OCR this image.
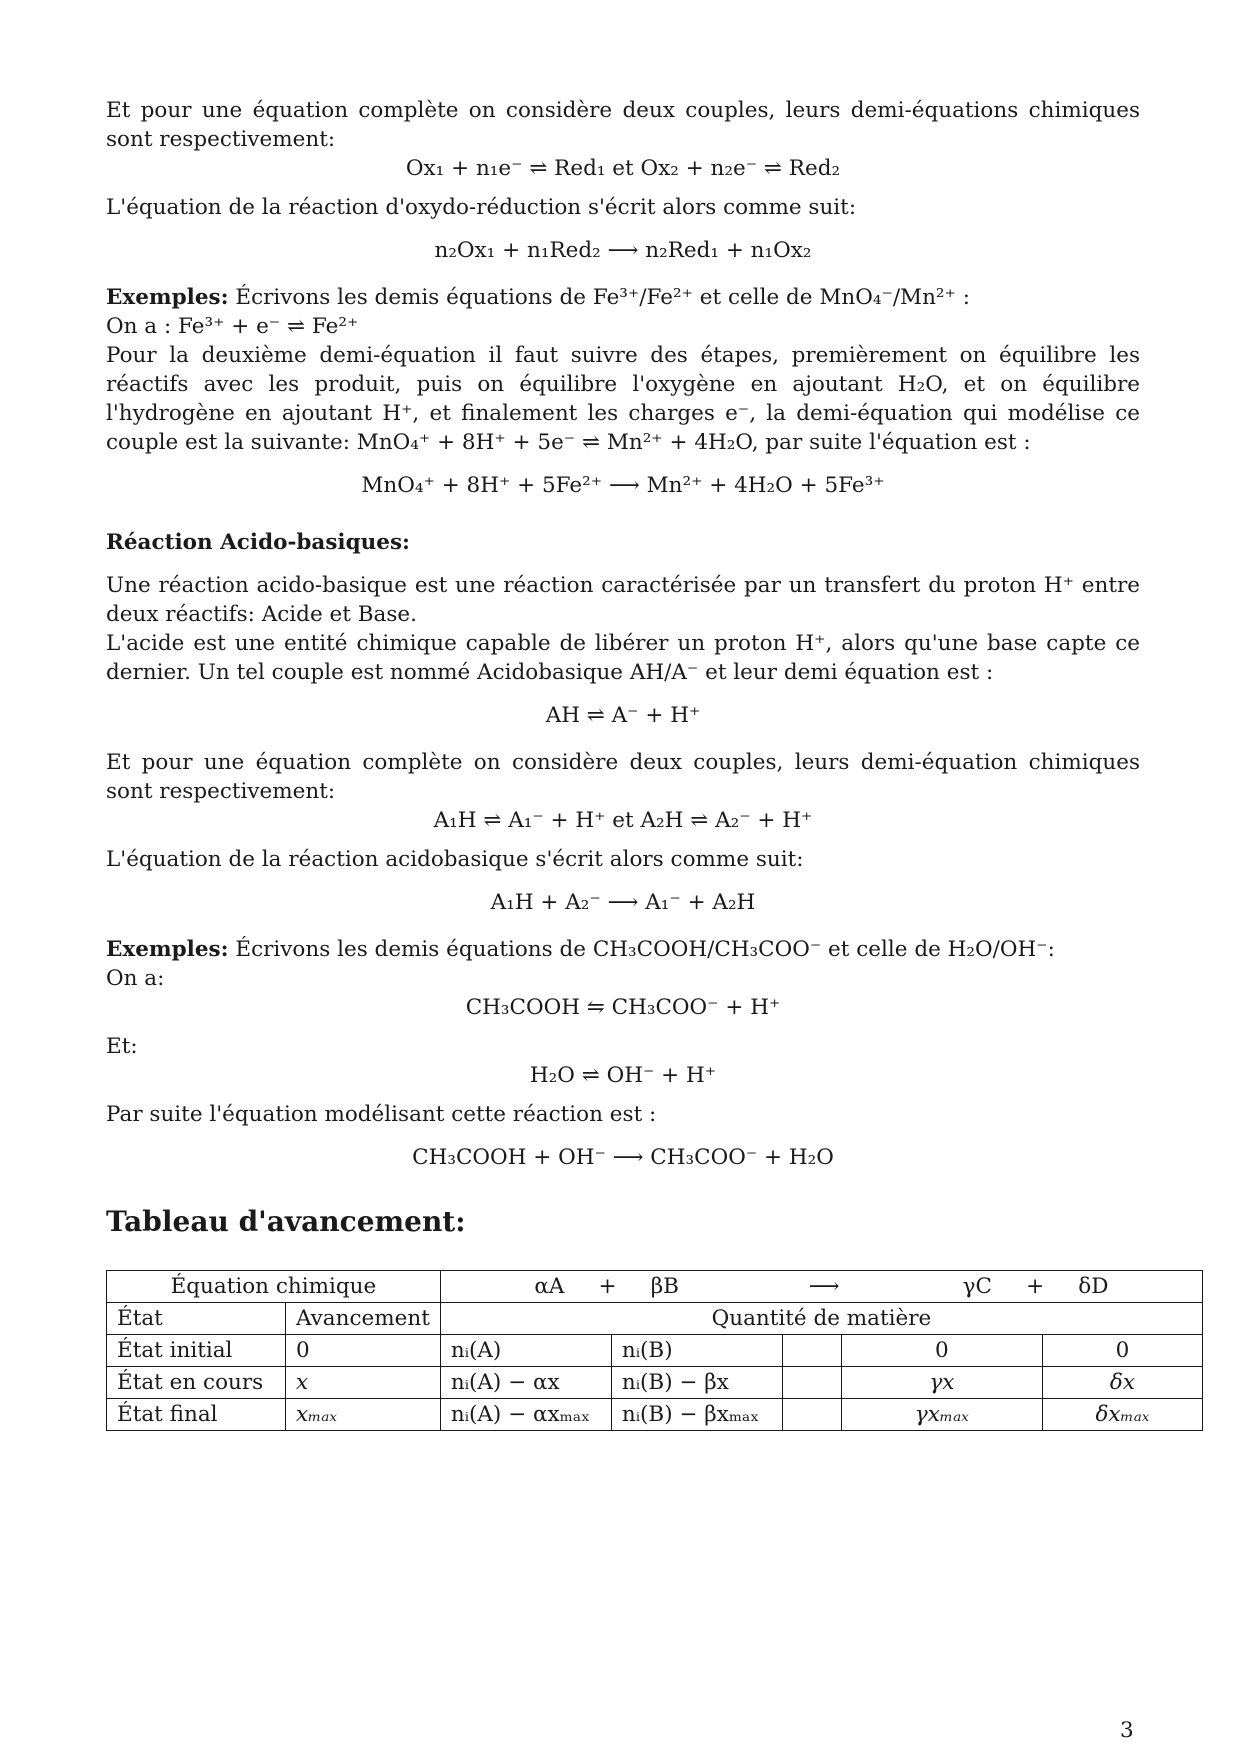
Et pour une équation complète on considère deux couples, leurs demi-équations chimiques sont respectivement:

Ox₁ + n₁e⁻ ⇌ Red₁ et Ox₂ + n₂e⁻ ⇌ Red₂

L'équation de la réaction d'oxydo-réduction s'écrit alors comme suit:

n₂Ox₁ + n₁Red₂ ⟶ n₂Red₁ + n₁Ox₂

Exemples: Écrivons les demis équations de Fe³⁺/Fe²⁺ et celle de MnO₄⁻/Mn²⁺ :

On a : Fe³⁺ + e⁻ ⇌ Fe²⁺

Pour la deuxième demi-équation il faut suivre des étapes, premièrement on équilibre les réactifs avec les produit, puis on équilibre l'oxygène en ajoutant H₂O, et on équilibre l'hydrogène en ajoutant H⁺, et finalement les charges e⁻, la demi-équation qui modélise ce couple est la suivante: MnO₄⁺ + 8H⁺ + 5e⁻ ⇌ Mn²⁺ + 4H₂O, par suite l'équation est :

MnO₄⁺ + 8H⁺ + 5Fe²⁺ ⟶ Mn²⁺ + 4H₂O + 5Fe³⁺

Réaction Acido-basiques:

Une réaction acido-basique est une réaction caractérisée par un transfert du proton H⁺ entre deux réactifs: Acide et Base.

L'acide est une entité chimique capable de libérer un proton H⁺, alors qu'une base capte ce dernier. Un tel couple est nommé Acidobasique AH/A⁻ et leur demi équation est :

AH ⇌ A⁻ + H⁺

Et pour une équation complète on considère deux couples, leurs demi-équation chimiques sont respectivement:

A₁H ⇌ A₁⁻ + H⁺ et A₂H ⇌ A₂⁻ + H⁺

L'équation de la réaction acidobasique s'écrit alors comme suit:

A₁H + A₂⁻ ⟶ A₁⁻ + A₂H

Exemples: Écrivons les demis équations de CH₃COOH/CH₃COO⁻ et celle de H₂O/OH⁻:

On a:

CH₃COOH ⇋ CH₃COO⁻ + H⁺

Et:

H₂O ⇌ OH⁻ + H⁺

Par suite l'équation modélisant cette réaction est :

CH₃COOH + OH⁻ ⟶ CH₃COO⁻ + H₂O

Tableau d'avancement:
Équation chimique		αA     +     βB                   ⟶                  γC     +     δD				
État	Avancement	Quantité de matière				
État initial	0	nᵢ(A)	nᵢ(B)		0	0
État en cours	x	nᵢ(A) − αx	nᵢ(B) − βx		γx	δx
État final	xₘₐₓ	nᵢ(A) − αxₘₐₓ	nᵢ(B) − βxₘₐₓ		γxₘₐₓ	δxₘₐₓ
3
